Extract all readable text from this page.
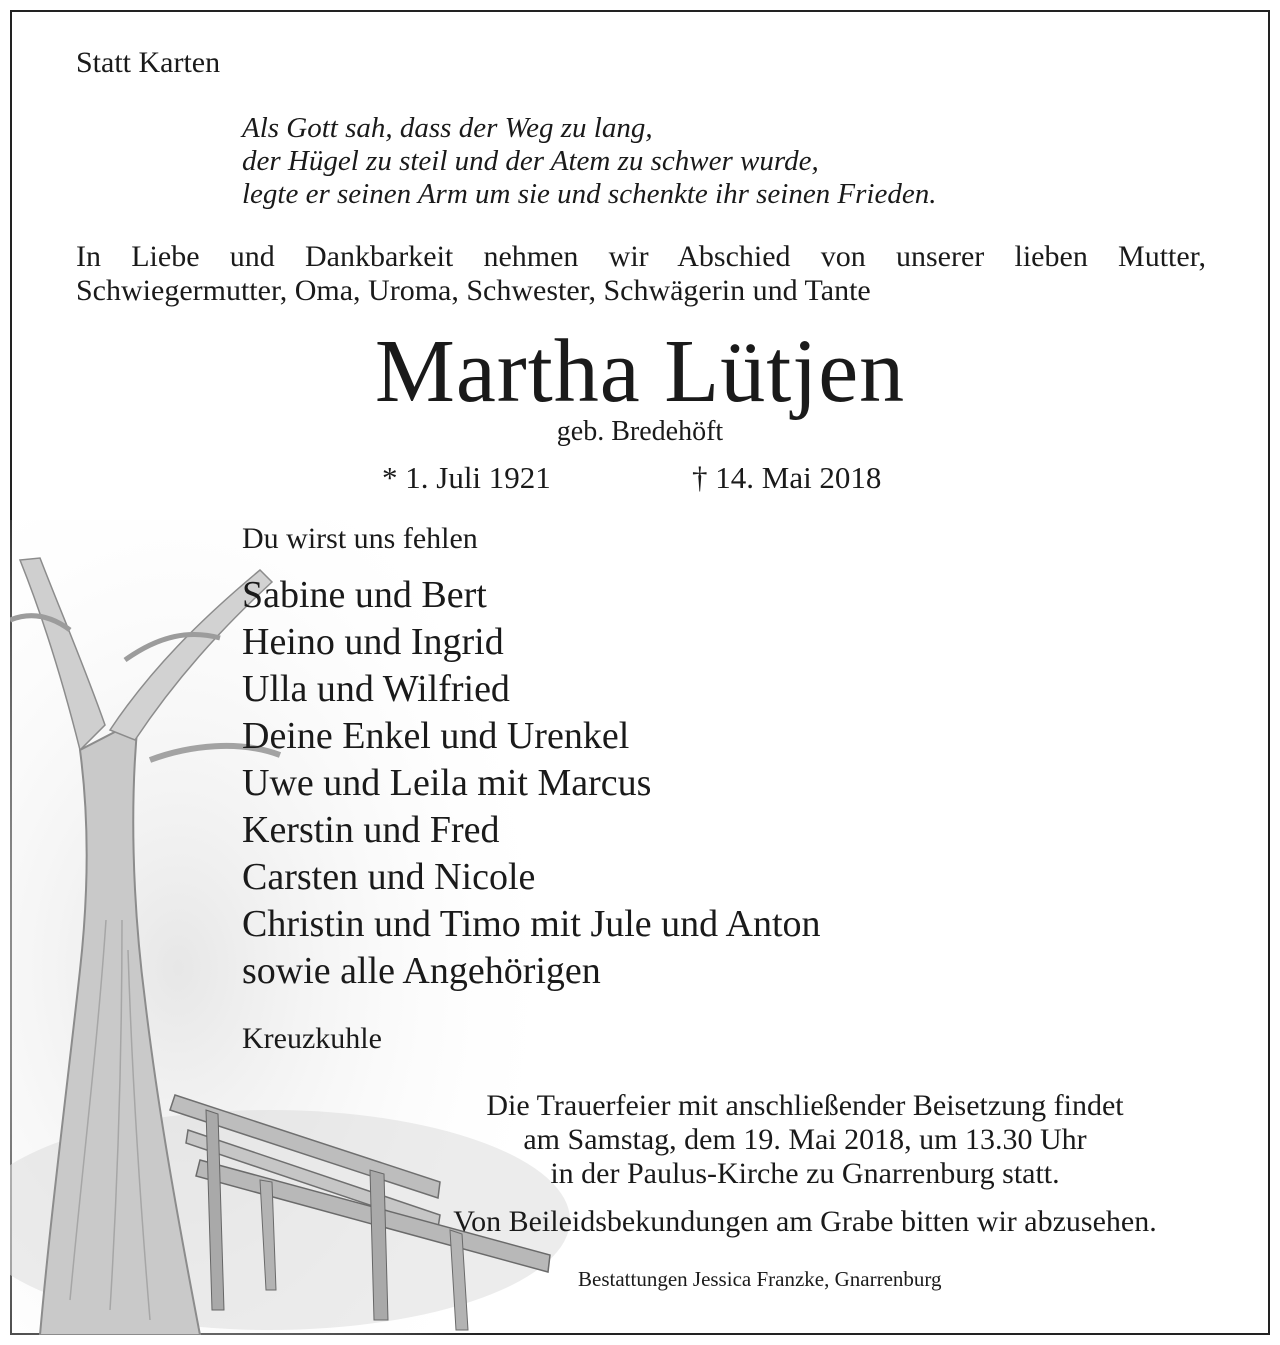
Statt Karten

Als Gott sah, dass der Weg zu lang,
der Hügel zu steil und der Atem zu schwer wurde,
legte er seinen Arm um sie und schenkte ihr seinen Frieden.
In Liebe und Dankbarkeit nehmen wir Abschied von unserer lieben Mutter,
Schwiegermutter, Oma, Uroma, Schwester, Schwägerin und Tante

Martha Lütjen

geb. Bredehöft

* 1. Juli 1921	† 14. Mai 2018

Du wirst uns fehlen

Sabine und Bert
Heino und Ingrid
Ulla und Wilfried
Deine Enkel und Urenkel
Uwe und Leila mit Marcus
Kerstin und Fred
Carsten und Nicole
Christin und Timo mit Jule und Anton
sowie alle Angehörigen

Kreuzkuhle

Die Trauerfeier mit anschließender Beisetzung findet
am Samstag, dem 19. Mai 2018, um 13.30 Uhr
in der Paulus-Kirche zu Gnarrenburg statt.

Von Beileidsbekundungen am Grabe bitten wir abzusehen.

Bestattungen Jessica Franzke, Gnarrenburg
